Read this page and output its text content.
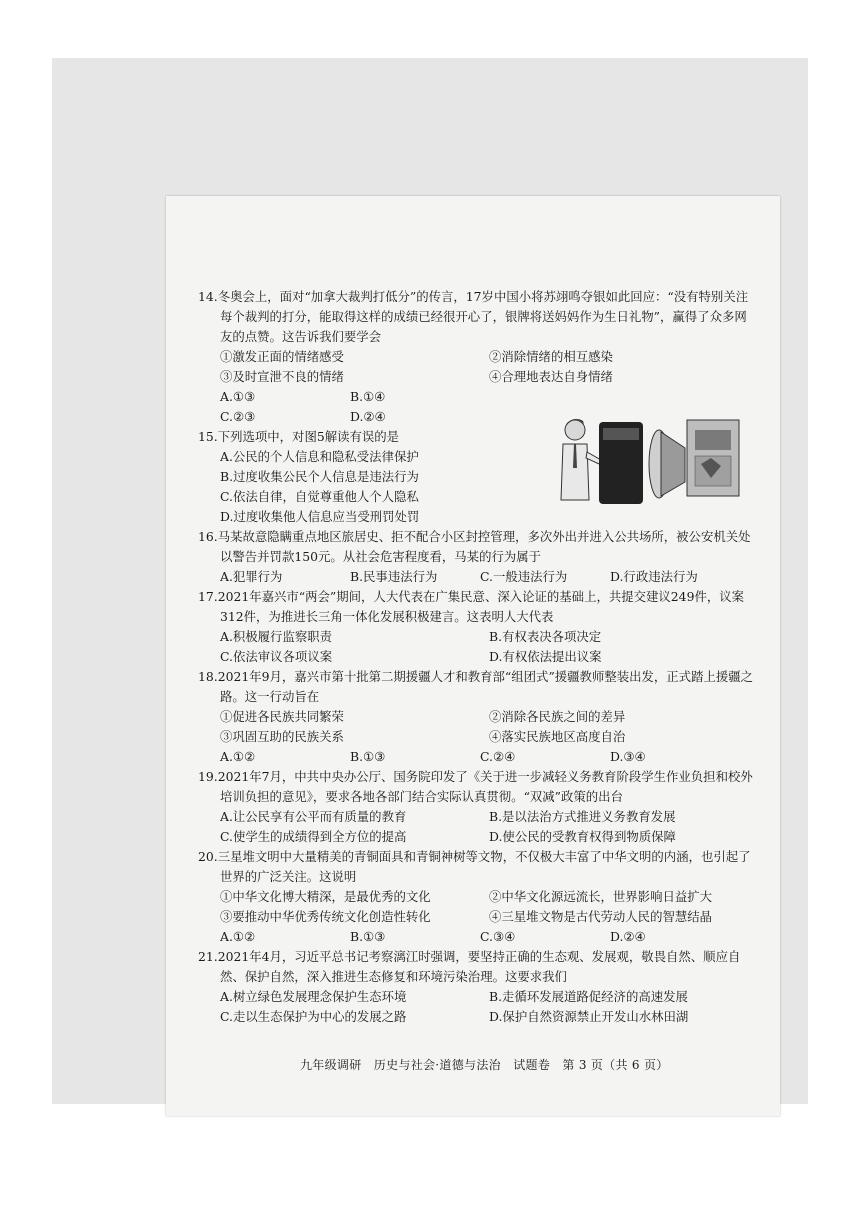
14.冬奥会上，面对“加拿大裁判打低分”的传言，17岁中国小将苏翊鸣夺银如此回应：“没有特别关注每个裁判的打分，能取得这样的成绩已经很开心了，银牌将送妈妈作为生日礼物”，赢得了众多网友的点赞。这告诉我们要学会
①激发正面的情绪感受	②消除情绪的相互感染
③及时宣泄不良的情绪	④合理地表达自身情绪
A.①③	B.①④
C.②③	D.②④
15.下列选项中，对图5解读有误的是
A.公民的个人信息和隐私受法律保护
B.过度收集公民个人信息是违法行为
C.依法自律，自觉尊重他人个人隐私
D.过度收集他人信息应当受刑罚处罚
16.马某故意隐瞒重点地区旅居史、拒不配合小区封控管理，多次外出并进入公共场所，被公安机关处以警告并罚款150元。从社会危害程度看，马某的行为属于
A.犯罪行为	B.民事违法行为	C.一般违法行为	D.行政违法行为
17.2021年嘉兴市“两会”期间，人大代表在广集民意、深入论证的基础上，共提交建议249件，议案312件，为推进长三角一体化发展积极建言。这表明人大代表
A.积极履行监察职责	B.有权表决各项决定
C.依法审议各项议案	D.有权依法提出议案
18.2021年9月，嘉兴市第十批第二期援疆人才和教育部“组团式”援疆教师整装出发，正式踏上援疆之路。这一行动旨在
①促进各民族共同繁荣	②消除各民族之间的差异
③巩固互助的民族关系	④落实民族地区高度自治
A.①②	B.①③	C.②④	D.③④
19.2021年7月，中共中央办公厅、国务院印发了《关于进一步减轻义务教育阶段学生作业负担和校外培训负担的意见》，要求各地各部门结合实际认真贯彻。“双减”政策的出台
A.让公民享有公平而有质量的教育	B.是以法治方式推进义务教育发展
C.使学生的成绩得到全方位的提高	D.使公民的受教育权得到物质保障
20.三星堆文明中大量精美的青铜面具和青铜神树等文物，不仅极大丰富了中华文明的内涵，也引起了世界的广泛关注。这说明
①中华文化博大精深，是最优秀的文化	②中华文化源远流长，世界影响日益扩大
③要推动中华优秀传统文化创造性转化	④三星堆文物是古代劳动人民的智慧结晶
A.①②	B.①③	C.③④	D.②④
21.2021年4月，习近平总书记考察漓江时强调，要坚持正确的生态观、发展观，敬畏自然、顺应自然、保护自然，深入推进生态修复和环境污染治理。这要求我们
A.树立绿色发展理念保护生态环境	B.走循环发展道路促经济的高速发展
C.走以生态保护为中心的发展之路	D.保护自然资源禁止开发山水林田湖
九年级调研　历史与社会·道德与法治　试题卷　第 3 页（共 6 页）
